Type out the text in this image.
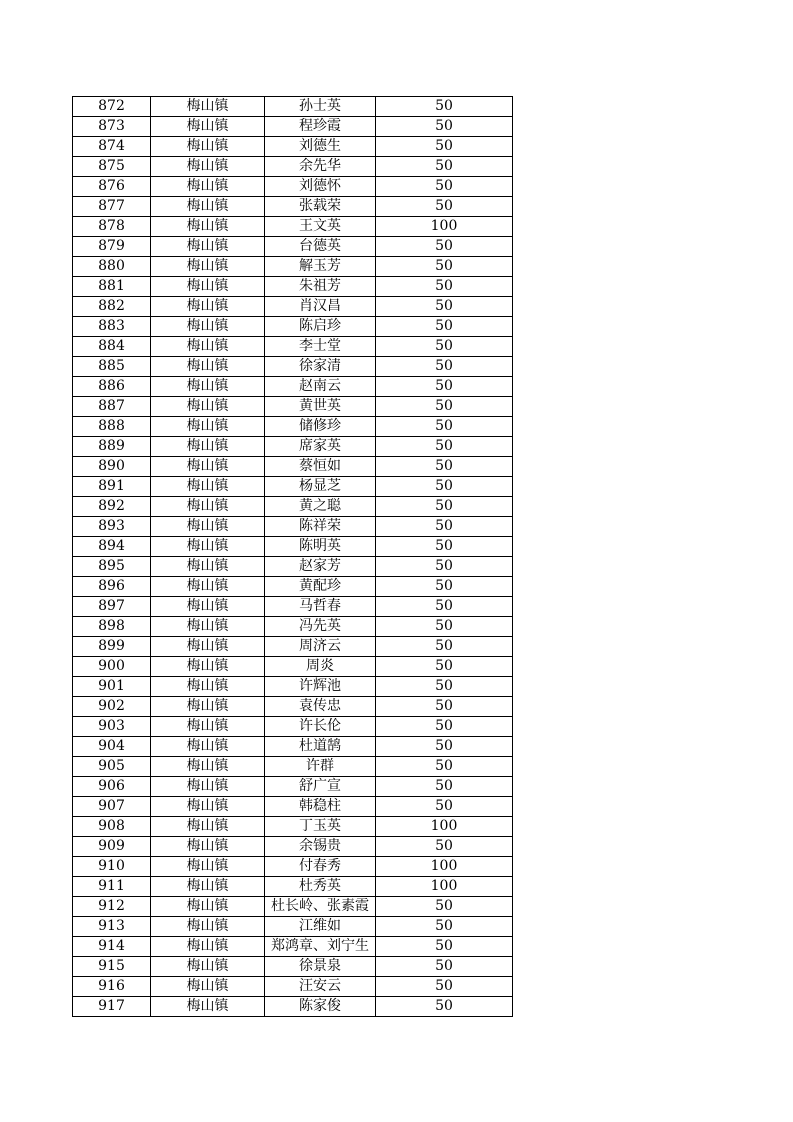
872	梅山镇	孙士英	50
873	梅山镇	程珍霞	50
874	梅山镇	刘德生	50
875	梅山镇	余先华	50
876	梅山镇	刘德怀	50
877	梅山镇	张载荣	50
878	梅山镇	王文英	100
879	梅山镇	台德英	50
880	梅山镇	解玉芳	50
881	梅山镇	朱祖芳	50
882	梅山镇	肖汉昌	50
883	梅山镇	陈启珍	50
884	梅山镇	李士堂	50
885	梅山镇	徐家清	50
886	梅山镇	赵南云	50
887	梅山镇	黄世英	50
888	梅山镇	储修珍	50
889	梅山镇	席家英	50
890	梅山镇	蔡恒如	50
891	梅山镇	杨显芝	50
892	梅山镇	黄之聪	50
893	梅山镇	陈祥荣	50
894	梅山镇	陈明英	50
895	梅山镇	赵家芳	50
896	梅山镇	黄配珍	50
897	梅山镇	马哲春	50
898	梅山镇	冯先英	50
899	梅山镇	周济云	50
900	梅山镇	周炎	50
901	梅山镇	许辉池	50
902	梅山镇	袁传忠	50
903	梅山镇	许长伦	50
904	梅山镇	杜道鹄	50
905	梅山镇	许群	50
906	梅山镇	舒广宣	50
907	梅山镇	韩稳柱	50
908	梅山镇	丁玉英	100
909	梅山镇	余锡贵	50
910	梅山镇	付春秀	100
911	梅山镇	杜秀英	100
912	梅山镇	杜长岭、张素霞	50
913	梅山镇	江维如	50
914	梅山镇	郑鸿章、刘宁生	50
915	梅山镇	徐景泉	50
916	梅山镇	汪安云	50
917	梅山镇	陈家俊	50
